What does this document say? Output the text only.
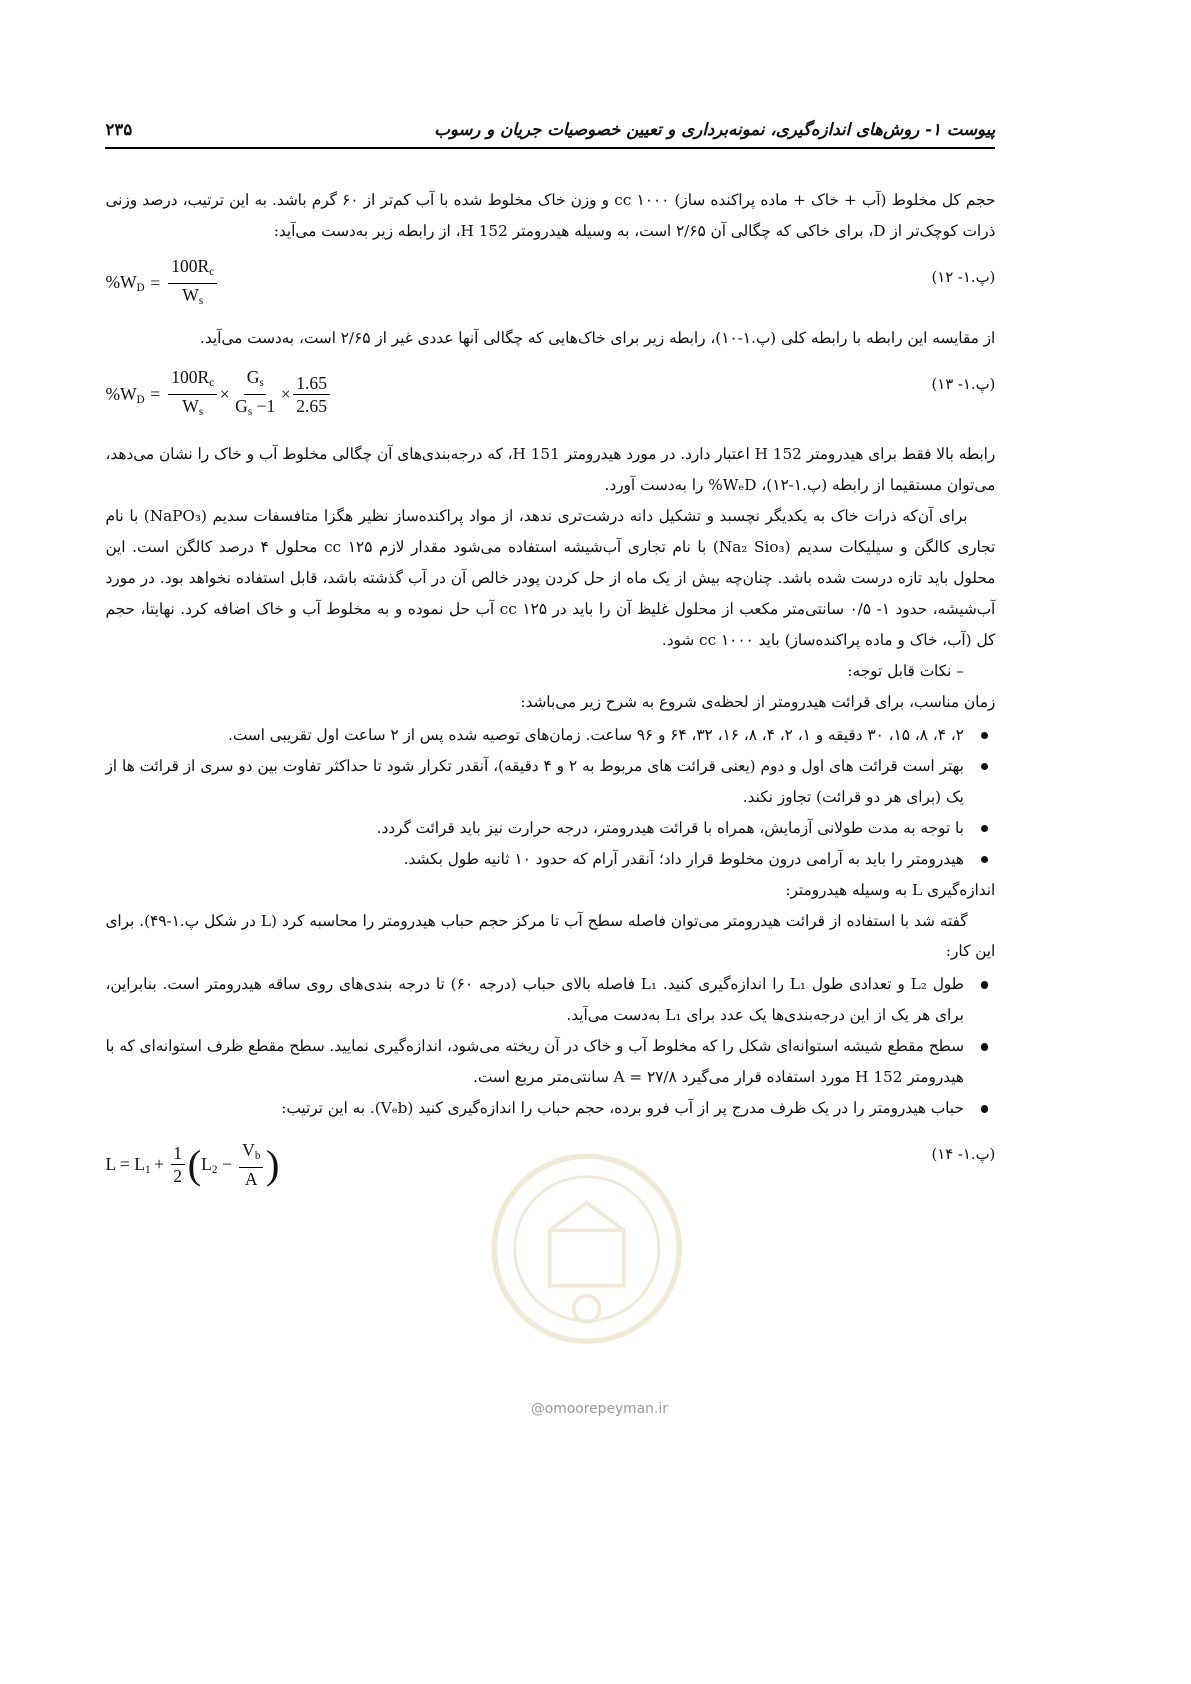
پیوست ۱- روش‌های اندازه‌گیری، نمونه‌برداری و تعیین خصوصیات جریان و رسوب
۲۳۵

حجم کل مخلوط (آب + خاک + ماده پراکنده ساز) ۱۰۰۰ cc و وزن خاک مخلوط شده با آب کم‌تر از ۶۰ گرم باشد. به این ترتیب، درصد وزنی ذرات کوچک‌تر از D، برای خاکی که چگالی آن ۲/۶۵ است، به وسیله هیدرومتر 152 H، از رابطه زیر به‌دست می‌آید:

(پ.۱- ۱۲)
$\%W_D = \frac{100R_c}{W_s}$

از مقایسه این رابطه با رابطه کلی (پ.۱-۱۰)، رابطه زیر برای خاک‌هایی که چگالی آنها عددی غیر از ۲/۶۵ است، به‌دست می‌آید.

(پ.۱- ۱۳)
$\%W_D = \frac{100R_c}{W_s} \times \frac{G_s}{G_s -1} \times \frac{1.65}{2.65}$

رابطه بالا فقط برای هیدرومتر 152 H اعتبار دارد. در مورد هیدرومتر 151 H، که درجه‌بندی‌های آن چگالی مخلوط آب و خاک را نشان می‌دهد، می‌توان مستقیما از رابطه (پ.۱-۱۲)، WₑD% را به‌دست آورد.

برای آن‌که ذرات خاک به یکدیگر نچسبد و تشکیل دانه درشت‌تری ندهد، از مواد پراکنده‌ساز نظیر هگزا متافسفات سدیم (NaPO₃) با نام تجاری کالگن و سیلیکات سدیم (Na₂ Sio₃) با نام تجاری آب‌شیشه استفاده می‌شود مقدار لازم ۱۲۵ cc محلول ۴ درصد کالگن است. این محلول باید تازه درست شده باشد. چنان‌چه بیش از یک ماه از حل کردن پودر خالص آن در آب گذشته باشد، قابل استفاده نخواهد بود. در مورد آب‌شیشه، حدود ۱- ۰/۵ سانتی‌متر مکعب از محلول غلیظ آن را باید در ۱۲۵ cc آب حل نموده و به مخلوط آب و خاک اضافه کرد. نهایتا، حجم کل (آب، خاک و ماده پراکنده‌ساز) باید ۱۰۰۰ cc شود.

– نکات قابل توجه:

زمان مناسب، برای قرائت هیدرومتر از لحظه‌ی شروع به شرح زیر می‌باشد:

۲، ۴، ۸، ۱۵، ۳۰ دقیقه و ۱، ۲، ۴، ۸، ۱۶، ۳۲، ۶۴ و ۹۶ ساعت. زمان‌های توصیه شده پس از ۲ ساعت اول تقریبی است.
بهتر است قرائت های اول و دوم (یعنی قرائت های مربوط به ۲ و ۴ دقیقه)، آنقدر تکرار شود تا حداکثر تفاوت بین دو سری از قرائت ها از یک (برای هر دو قرائت) تجاوز نکند.
با توجه به مدت طولانی آزمایش، همراه با قرائت هیدرومتر، درجه حرارت نیز باید قرائت گردد.
هیدرومتر را باید به آرامی درون مخلوط قرار داد؛ آنقدر آرام که حدود ۱۰ ثانیه طول بکشد.

اندازه‌گیری L به وسیله هیدرومتر:

گفته شد با استفاده از قرائت هیدرومتر می‌توان فاصله سطح آب تا مرکز حجم حباب هیدرومتر را محاسبه کرد (L در شکل پ.۱-۴۹). برای این کار:

طول L₂ و تعدادی طول L₁ را اندازه‌گیری کنید. L₁ فاصله بالای حباب (درجه ۶۰) تا درجه بندی‌های روی ساقه هیدرومتر است. بنابراین، برای هر یک از این درجه‌بندی‌ها یک عدد برای L₁ به‌دست می‌آید.
سطح مقطع شیشه استوانه‌ای شکل را که مخلوط آب و خاک در آن ریخته می‌شود، اندازه‌گیری نمایید. سطح مقطع ظرف استوانه‌ای که با هیدرومتر 152 H مورد استفاده قرار می‌گیرد A = ۲۷/۸ سانتی‌متر مربع است.
حباب هیدرومتر را در یک ظرف مدرج پر از آب فرو برده، حجم حباب را اندازه‌گیری کنید (Vₑb). به این ترتیب:
(پ.۱- ۱۴)
$L = L_1 + \frac{1}{2}$ ( $L_2 - \frac{V_b}{A}$ )
@omoorepeyman.ir
